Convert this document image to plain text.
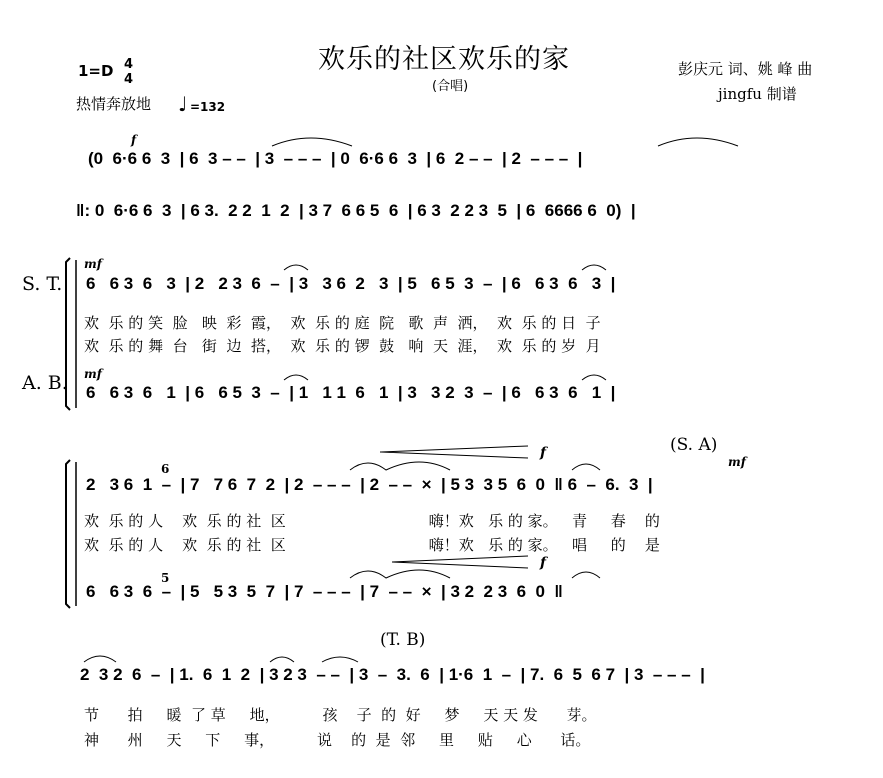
1=D 4
4
热情奔放地 ♩ =132
欢乐的社区欢乐的家
(合唱)
彭庆元 词、姚 峰 曲
jingfu 制谱
f
(0  6·6 6  3  | 6  3 – –  | 3  – – –  | 0  6·6 6  3  | 6  2 – –  | 2  – – –  |
‖: 0  6·6 6  3  | 6 3.  2 2  1  2  | 3 7  6 6 5  6  | 6 3  2 2 3  5  | 6  6666 6  0)  |
S. T.
A. B.
mf
mf
6   6 3  6   3  | 2   2 3  6  –  | 3   3 6  2   3  | 5   6 5  3  –  | 6   6 3  6   3  |
欢  乐 的 笑  脸   映  彩  霞，  欢  乐 的 庭  院   歌  声  洒，  欢  乐 的 日  子
欢  乐 的 舞  台   街  边  搭，  欢  乐 的 锣  鼓   响  天  涯，  欢  乐 的 岁  月
6   6 3  6   1  | 6   6 5  3  –  | 1   1 1  6   1  | 3   3 2  3  –  | 6   6 3  6   1  |
(S. A)
mf
f
6
2   3 6  1  –  | 7   7 6  7  2  | 2  – – –  | 2  – –  ×  | 5 3  3 5  6  0  ‖ 6  –  6.  3  |
欢  乐 的 人    欢  乐 的 社  区                              嗨！欢   乐 的 家。   青     春    的
欢  乐 的 人    欢  乐 的 社  区                              嗨！欢   乐 的 家。   唱     的    是
f
5
6   6 3  6  –  | 5   5 3  5  7  | 7  – – –  | 7  – –  ×  | 3 2  2 3  6  0  ‖
(T. B)
2  3 2  6  –  | 1.  6  1  2  | 3 2 3  – –  | 3  –  3.  6  | 1·6  1  –  | 7.  6  5  6 7  | 3  – – –  |
节      拍     暖  了 草     地，         孩    子  的  好     梦     天 天 发      芽。
神      州     天     下     事，         说    的  是  邻     里     贴     心      话。
